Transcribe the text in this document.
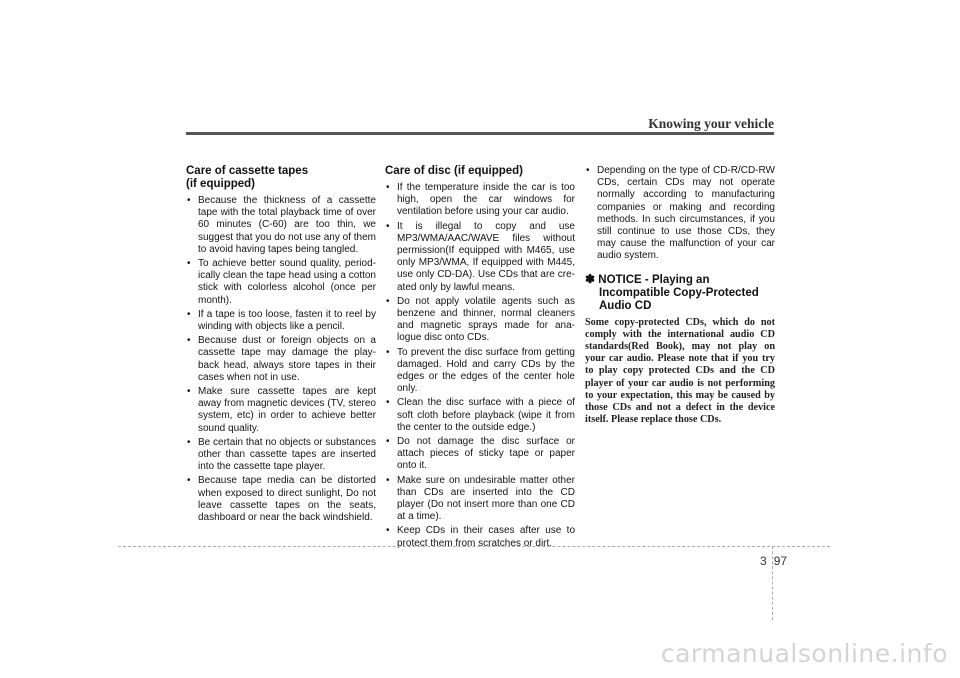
Knowing your vehicle
Care of cassette tapes
(if equipped)
• Because the thickness of a cassette tape with the total playback time of over 60 minutes (C-60) are too thin, we suggest that you do not use any of them to avoid having tapes being tangled.
• To achieve better sound quality, periodically clean the tape head using a cotton stick with colorless alcohol (once per month).
• If a tape is too loose, fasten it to reel by winding with objects like a pencil.
• Because dust or foreign objects on a cassette tape may damage the playback head, always store tapes in their cases when not in use.
• Make sure cassette tapes are kept away from magnetic devices (TV, stereo system, etc) in order to achieve better sound quality.
• Be certain that no objects or substances other than cassette tapes are inserted into the cassette tape player.
• Because tape media can be distorted when exposed to direct sunlight, Do not leave cassette tapes on the seats, dashboard or near the back windshield.
Care of disc (if equipped)
• If the temperature inside the car is too high, open the car windows for ventilation before using your car audio.
• It is illegal to copy and use MP3/WMA/AAC/WAVE files without permission(If equipped with M465, use only MP3/WMA, If equipped with M445, use only CD-DA). Use CDs that are created only by lawful means.
• Do not apply volatile agents such as benzene and thinner, normal cleaners and magnetic sprays made for analogue disc onto CDs.
• To prevent the disc surface from getting damaged. Hold and carry CDs by the edges or the edges of the center hole only.
• Clean the disc surface with a piece of soft cloth before playback (wipe it from the center to the outside edge.)
• Do not damage the disc surface or attach pieces of sticky tape or paper onto it.
• Make sure on undesirable matter other than CDs are inserted into the CD player (Do not insert more than one CD at a time).
• Keep CDs in their cases after use to protect them from scratches or dirt.
• Depending on the type of CD-R/CD-RW CDs, certain CDs may not operate normally according to manufacturing companies or making and recording methods. In such circumstances, if you still continue to use those CDs, they may cause the malfunction of your car audio system.
✽ NOTICE - Playing an Incompatible Copy-Protected Audio CD

Some copy-protected CDs, which do not comply with the international audio CD standards(Red Book), may not play on your car audio. Please note that if you try to play copy protected CDs and the CD player of your car audio is not performing to your expectation, this may be caused by those CDs and not a defect in the device itself. Please replace those CDs.

3 97
carmanualsonline.info
